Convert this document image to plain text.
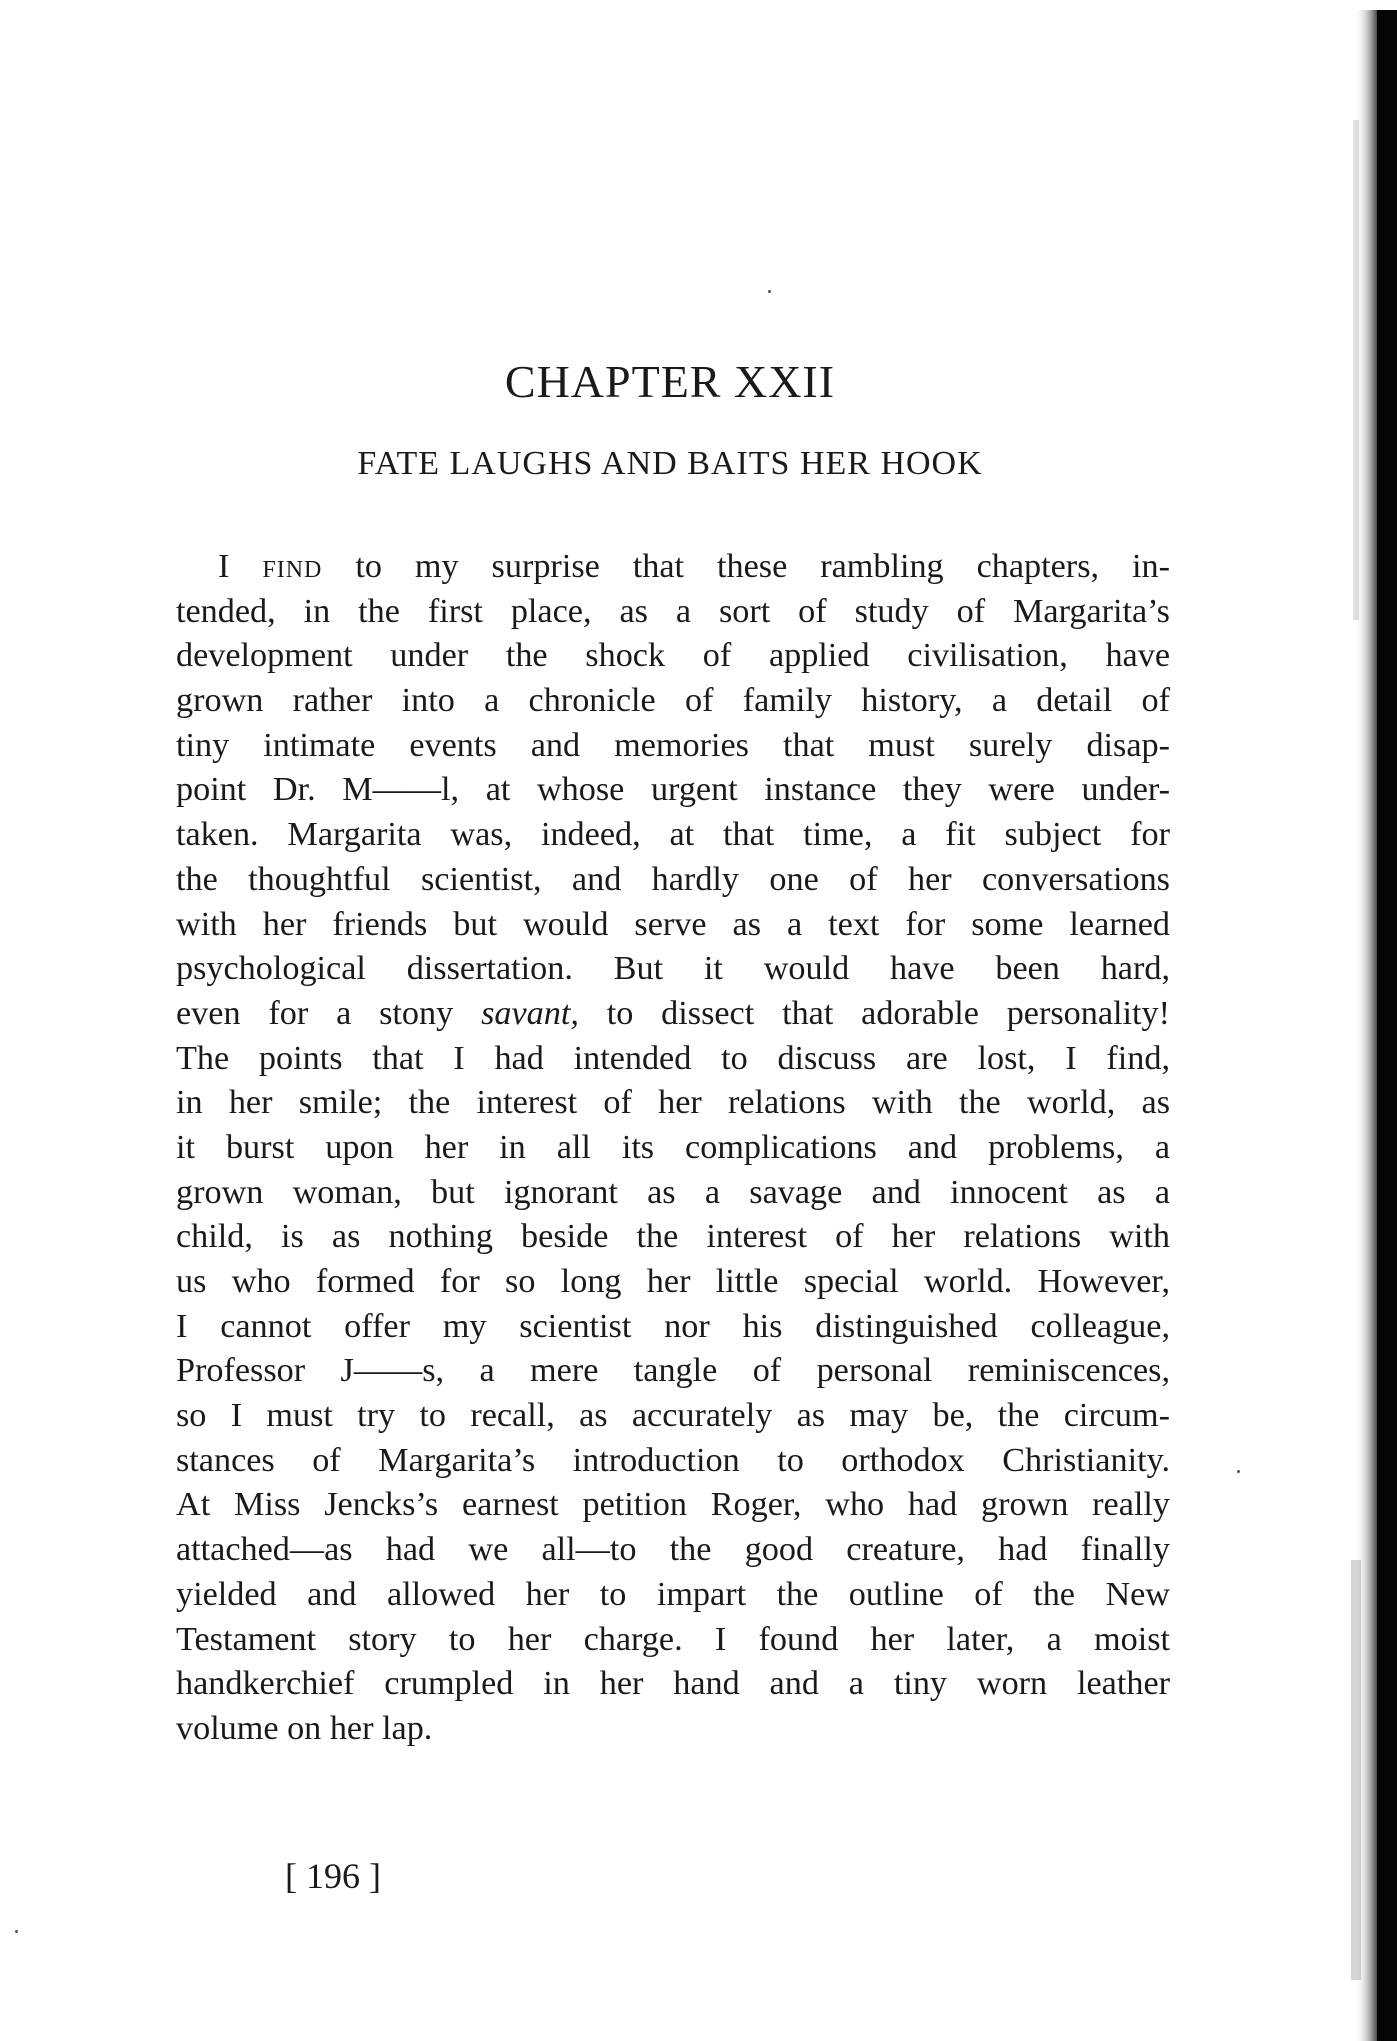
CHAPTER XXII
FATE LAUGHS AND BAITS HER HOOK
I find to my surprise that these rambling chapters, in-
tended, in the first place, as a sort of study of Margarita’s
development under the shock of applied civilisation, have
grown rather into a chronicle of family history, a detail of
tiny intimate events and memories that must surely disap-
point Dr. M——l, at whose urgent instance they were under-
taken. Margarita was, indeed, at that time, a fit subject for
the thoughtful scientist, and hardly one of her conversations
with her friends but would serve as a text for some learned
psychological dissertation. But it would have been hard,
even for a stony savant, to dissect that adorable personality!
The points that I had intended to discuss are lost, I find,
in her smile; the interest of her relations with the world, as
it burst upon her in all its complications and problems, a
grown woman, but ignorant as a savage and innocent as a
child, is as nothing beside the interest of her relations with
us who formed for so long her little special world. However,
I cannot offer my scientist nor his distinguished colleague,
Professor J——s, a mere tangle of personal reminiscences,
so I must try to recall, as accurately as may be, the circum-
stances of Margarita’s introduction to orthodox Christianity.
At Miss Jencks’s earnest petition Roger, who had grown really
attached—as had we all—to the good creature, had finally
yielded and allowed her to impart the outline of the New
Testament story to her charge. I found her later, a moist
handkerchief crumpled in her hand and a tiny worn leather
volume on her lap.
[ 196 ]
